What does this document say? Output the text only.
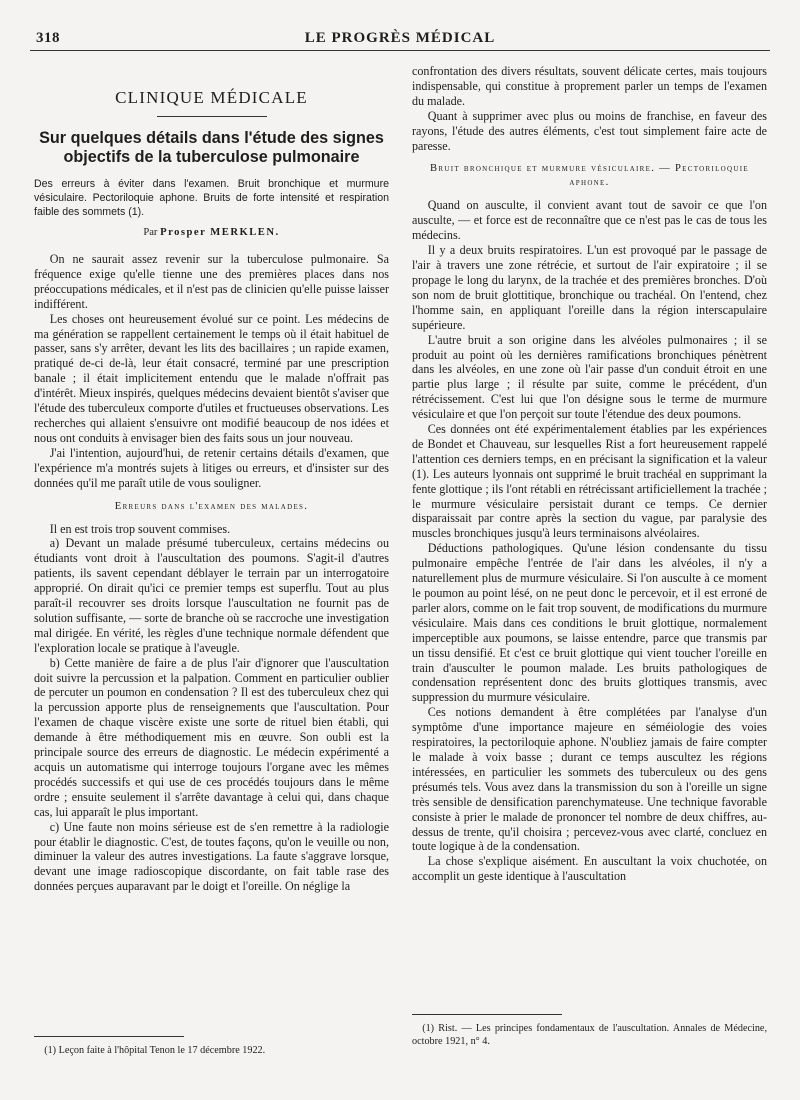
318	LE PROGRÈS MÉDICAL
CLINIQUE MÉDICALE
Sur quelques détails dans l'étude des signes objectifs de la tuberculose pulmonaire
Des erreurs à éviter dans l'examen. Bruit bronchique et murmure vésiculaire. Pectoriloquie aphone. Bruits de forte intensité et respiration faible des sommets (1).
Par Prosper MERKLEN.

On ne saurait assez revenir sur la tuberculose pulmonaire. Sa fréquence exige qu'elle tienne une des premières places dans nos préoccupations médicales, et il n'est pas de clinicien qu'elle puisse laisser indifférent.

Les choses ont heureusement évolué sur ce point. Les médecins de ma génération se rappellent certainement le temps où il était habituel de passer, sans s'y arrêter, devant les lits des bacillaires ; un rapide examen, pratiqué de-ci de-là, leur était consacré, terminé par une prescription banale ; il était implicitement entendu que le malade n'offrait pas d'intérêt. Mieux inspirés, quelques médecins devaient bientôt s'aviser que l'étude des tuberculeux comporte d'utiles et fructueuses observations. Les recherches qui allaient s'ensuivre ont modifié beaucoup de nos idées et nous ont conduits à envisager bien des faits sous un jour nouveau.

J'ai l'intention, aujourd'hui, de retenir certains détails d'examen, que l'expérience m'a montrés sujets à litiges ou erreurs, et d'insister sur des données qu'il me paraît utile de vous souligner.

Erreurs dans l'examen des malades.

Il en est trois trop souvent commises.

a) Devant un malade présumé tuberculeux, certains médecins ou étudiants vont droit à l'auscultation des poumons. S'agit-il d'autres patients, ils savent cependant déblayer le terrain par un interrogatoire approprié. On dirait qu'ici ce premier temps est superflu. Tout au plus paraît-il recouvrer ses droits lorsque l'auscultation ne fournit pas de solution suffisante, — sorte de branche où se raccroche une investigation mal dirigée. En vérité, les règles d'une technique normale défendent que l'exploration locale se pratique à l'aveugle.

b) Cette manière de faire a de plus l'air d'ignorer que l'auscultation doit suivre la percussion et la palpation. Comment en particulier oublier de percuter un poumon en condensation ? Il est des tuberculeux chez qui la percussion apporte plus de renseignements que l'auscultation. Pour l'examen de chaque viscère existe une sorte de rituel bien établi, qui demande à être méthodiquement mis en œuvre. Son oubli est la principale source des erreurs de diagnostic. Le médecin expérimenté a acquis un automatisme qui interroge toujours l'organe avec les mêmes procédés successifs et qui use de ces procédés toujours dans le même ordre ; ensuite seulement il s'arrête davantage à celui qui, dans chaque cas, lui apparaît le plus important.

c) Une faute non moins sérieuse est de s'en remettre à la radiologie pour établir le diagnostic. C'est, de toutes façons, qu'on le veuille ou non, diminuer la valeur des autres investigations. La faute s'aggrave lorsque, devant une image radioscopique discordante, on fait table rase des données perçues auparavant par le doigt et l'oreille. On néglige la

confrontation des divers résultats, souvent délicate certes, mais toujours indispensable, qui constitue à proprement parler un temps de l'examen du malade.

Quant à supprimer avec plus ou moins de franchise, en faveur des rayons, l'étude des autres éléments, c'est tout simplement faire acte de paresse.

Bruit bronchique et murmure vésiculaire. — Pectoriloquie aphone.

Quand on ausculte, il convient avant tout de savoir ce que l'on ausculte, — et force est de reconnaître que ce n'est pas le cas de tous les médecins.

Il y a deux bruits respiratoires. L'un est provoqué par le passage de l'air à travers une zone rétrécie, et surtout de l'air expiratoire ; il se propage le long du larynx, de la trachée et des premières bronches. D'où son nom de bruit glottitique, bronchique ou trachéal. On l'entend, chez l'homme sain, en appliquant l'oreille dans la région interscapulaire supérieure.

L'autre bruit a son origine dans les alvéoles pulmonaires ; il se produit au point où les dernières ramifications bronchiques pénètrent dans les alvéoles, en une zone où l'air passe d'un conduit étroit en une partie plus large ; il résulte par suite, comme le précédent, d'un rétrécissement. C'est lui que l'on désigne sous le terme de murmure vésiculaire et que l'on perçoit sur toute l'étendue des deux poumons.

Ces données ont été expérimentalement établies par les expériences de Bondet et Chauveau, sur lesquelles Rist a fort heureusement rappelé l'attention ces derniers temps, en en précisant la signification et la valeur (1). Les auteurs lyonnais ont supprimé le bruit trachéal en supprimant la fente glottique ; ils l'ont rétabli en rétrécissant artificiellement la trachée ; le murmure vésiculaire persistait durant ce temps. Ce dernier disparaissait par contre après la section du vague, par paralysie des muscles bronchiques jusqu'à leurs terminaisons alvéolaires.

Déductions pathologiques. Qu'une lésion condensante du tissu pulmonaire empêche l'entrée de l'air dans les alvéoles, il n'y a naturellement plus de murmure vésiculaire. Si l'on ausculte à ce moment le poumon au point lésé, on ne peut donc le percevoir, et il est erroné de parler alors, comme on le fait trop souvent, de modifications du murmure vésiculaire. Mais dans ces conditions le bruit glottique, normalement imperceptible aux poumons, se laisse entendre, parce que transmis par un tissu densifié. Et c'est ce bruit glottique qui vient toucher l'oreille en train d'ausculter le poumon malade. Les bruits pathologiques de condensation représentent donc des bruits glottiques transmis, avec suppression du murmure vésiculaire.

Ces notions demandent à être complétées par l'analyse d'un symptôme d'une importance majeure en séméiologie des voies respiratoires, la pectoriloquie aphone. N'oubliez jamais de faire compter le malade à voix basse ; durant ce temps auscultez les régions intéressées, en particulier les sommets des tuberculeux ou des gens présumés tels. Vous avez dans la transmission du son à l'oreille un signe très sensible de densification parenchymateuse. Une technique favorable consiste à prier le malade de prononcer tel nombre de deux chiffres, au-dessus de trente, qu'il choisira ; percevez-vous avec clarté, concluez en toute logique à de la condensation.

La chose s'explique aisément. En auscultant la voix chuchotée, on accomplit un geste identique à l'auscultation

(1) Leçon faite à l'hôpital Tenon le 17 décembre 1922.
(1) Rist. — Les principes fondamentaux de l'auscultation. Annales de Médecine, octobre 1921, n° 4.
